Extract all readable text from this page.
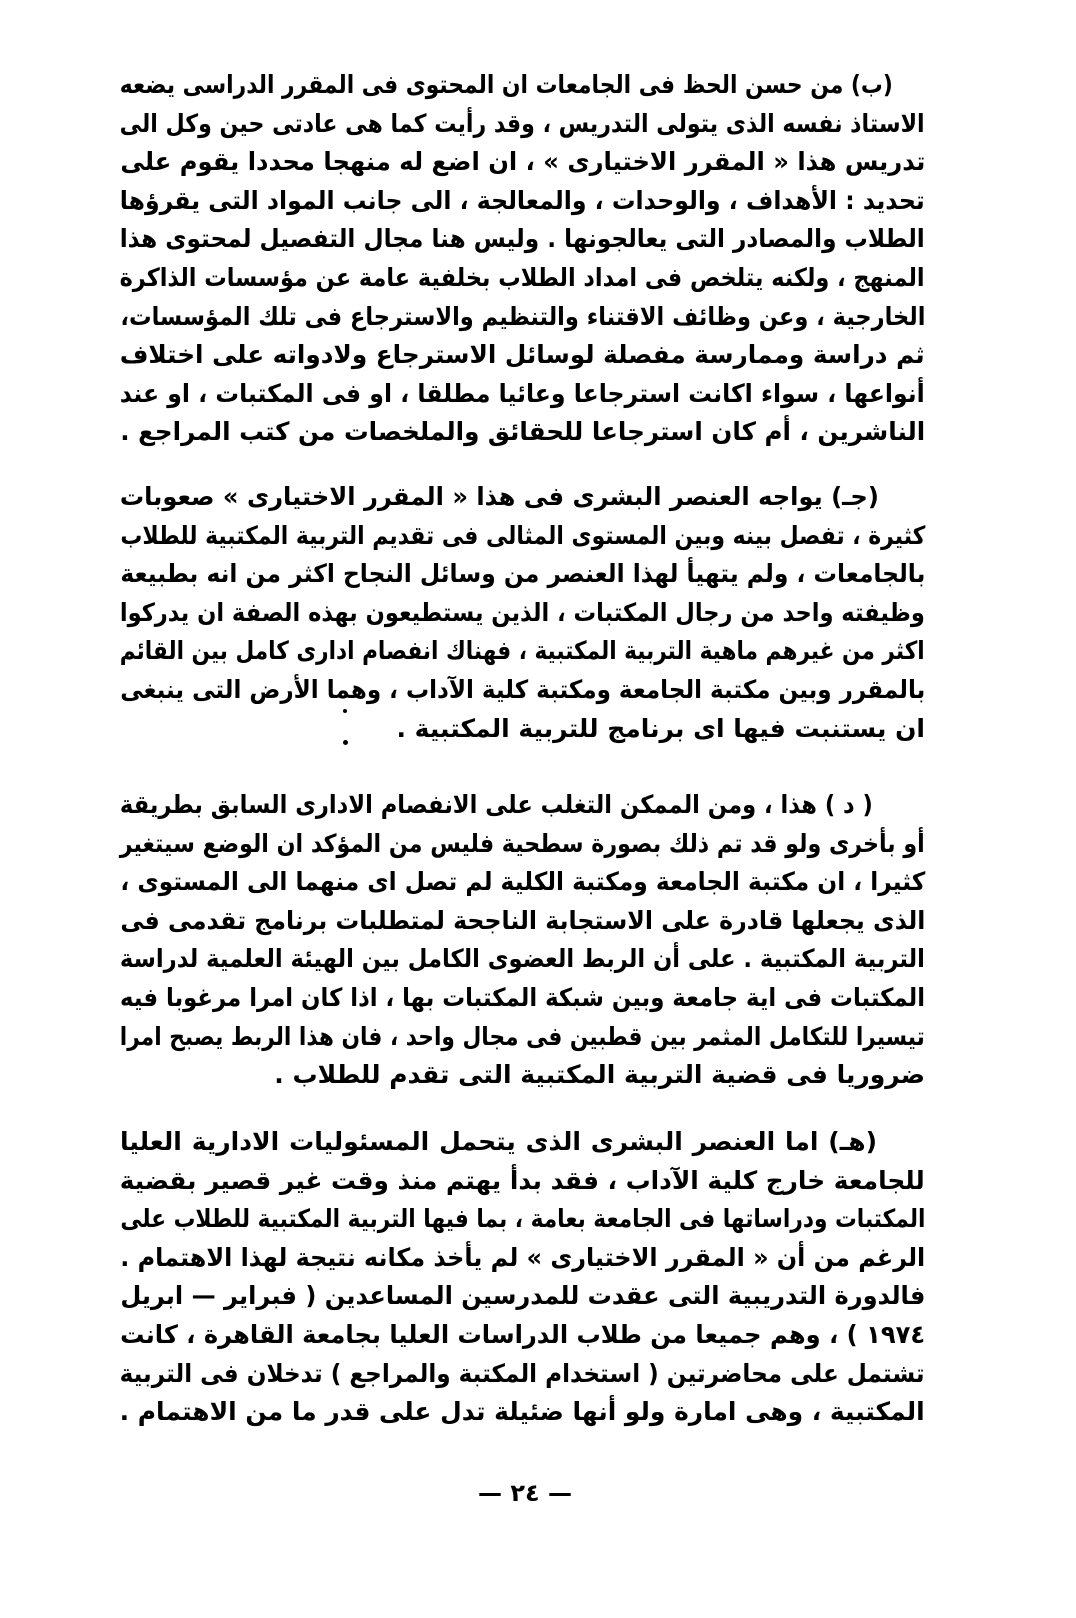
(ب) من حسن الحظ فى الجامعات ان المحتوى فى المقرر الدراسى يضعه
الاستاذ نفسه الذى يتولى التدريس ، وقد رأيت كما هى عادتى حين وكل الى
تدريس هذا « المقرر الاختيارى » ، ان اضع له منهجا محددا يقوم على
تحديد : الأهداف ، والوحدات ، والمعالجة ، الى جانب المواد التى يقرؤها
الطلاب والمصادر التى يعالجونها . وليس هنا مجال التفصيل لمحتوى هذا
المنهج ، ولكنه يتلخص فى امداد الطلاب بخلفية عامة عن مؤسسات الذاكرة
الخارجية ، وعن وظائف الاقتناء والتنظيم والاسترجاع فى تلك المؤسسات،
ثم دراسة وممارسة مفصلة لوسائل الاسترجاع ولادواته على اختلاف
أنواعها ، سواء اكانت استرجاعا وعائيا مطلقا ، او فى المكتبات ، او عند
الناشرين ، أم كان استرجاعا للحقائق والملخصات من كتب المراجع .
(جـ) يواجه العنصر البشرى فى هذا « المقرر الاختيارى » صعوبات
كثيرة ، تفصل بينه وبين المستوى المثالى فى تقديم التربية المكتبية للطلاب
بالجامعات ، ولم يتهيأ لهذا العنصر من وسائل النجاح اكثر من انه بطبيعة
وظيفته واحد من رجال المكتبات ، الذين يستطيعون بهذه الصفة ان يدركوا
اكثر من غيرهم ماهية التربية المكتبية ، فهناك انفصام ادارى كامل بين القائم
بالمقرر وبين مكتبة الجامعة ومكتبة كلية الآداب ، وهما الأرض التى ينبغى
ان يستنبت فيها اى برنامج للتربية المكتبية .
( د ) هذا ، ومن الممكن التغلب على الانفصام الادارى السابق بطريقة
أو بأخرى ولو قد تم ذلك بصورة سطحية فليس من المؤكد ان الوضع سيتغير
كثيرا ، ان مكتبة الجامعة ومكتبة الكلية لم تصل اى منهما الى المستوى ،
الذى يجعلها قادرة على الاستجابة الناجحة لمتطلبات برنامج تقدمى فى
التربية المكتبية . على أن الربط العضوى الكامل بين الهيئة العلمية لدراسة
المكتبات فى اية جامعة وبين شبكة المكتبات بها ، اذا كان امرا مرغوبا فيه
تيسيرا للتكامل المثمر بين قطبين فى مجال واحد ، فان هذا الربط يصبح امرا
ضروريا فى قضية التربية المكتبية التى تقدم للطلاب .
(هـ) اما العنصر البشرى الذى يتحمل المسئوليات الادارية العليا
للجامعة خارج كلية الآداب ، فقد بدأ يهتم منذ وقت غير قصير بقضية
المكتبات ودراساتها فى الجامعة بعامة ، بما فيها التربية المكتبية للطلاب على
الرغم من أن « المقرر الاختيارى » لم يأخذ مكانه نتيجة لهذا الاهتمام .
فالدورة التدريبية التى عقدت للمدرسين المساعدين ( فبراير — ابريل
١٩٧٤ ) ، وهم جميعا من طلاب الدراسات العليا بجامعة القاهرة ، كانت
تشتمل على محاضرتين ( استخدام المكتبة والمراجع ) تدخلان فى التربية
المكتبية ، وهى امارة ولو أنها ضئيلة تدل على قدر ما من الاهتمام .
— ٢٤ —
